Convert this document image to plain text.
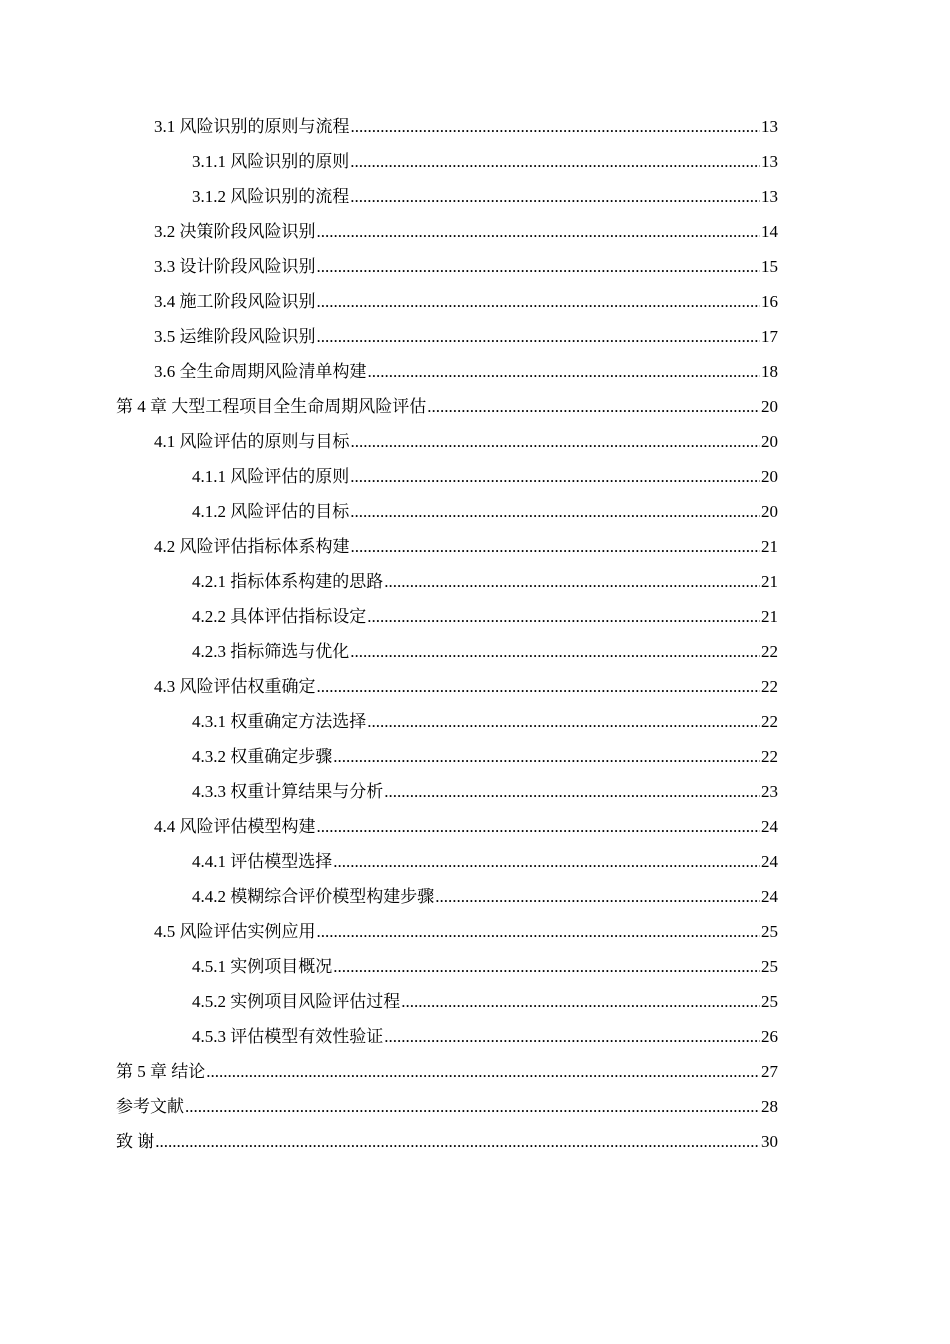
3.1 风险识别的原则与流程 .....	13
3.1.1 风险识别的原则 .....	13
3.1.2 风险识别的流程 .....	13
3.2 决策阶段风险识别 .....	14
3.3 设计阶段风险识别 .....	15
3.4 施工阶段风险识别 .....	16
3.5 运维阶段风险识别 .....	17
3.6 全生命周期风险清单构建 .....	18
第 4 章 大型工程项目全生命周期风险评估 .....	20
4.1 风险评估的原则与目标 .....	20
4.1.1 风险评估的原则 .....	20
4.1.2 风险评估的目标 .....	20
4.2 风险评估指标体系构建 .....	21
4.2.1 指标体系构建的思路 .....	21
4.2.2 具体评估指标设定 .....	21
4.2.3 指标筛选与优化 .....	22
4.3 风险评估权重确定 .....	22
4.3.1 权重确定方法选择 .....	22
4.3.2 权重确定步骤 .....	22
4.3.3 权重计算结果与分析 .....	23
4.4 风险评估模型构建 .....	24
4.4.1 评估模型选择 .....	24
4.4.2 模糊综合评价模型构建步骤 .....	24
4.5 风险评估实例应用 .....	25
4.5.1 实例项目概况 .....	25
4.5.2 实例项目风险评估过程 .....	25
4.5.3 评估模型有效性验证 .....	26
第 5 章 结论 .....	27
参考文献 .....	28
致 谢 .....	30
